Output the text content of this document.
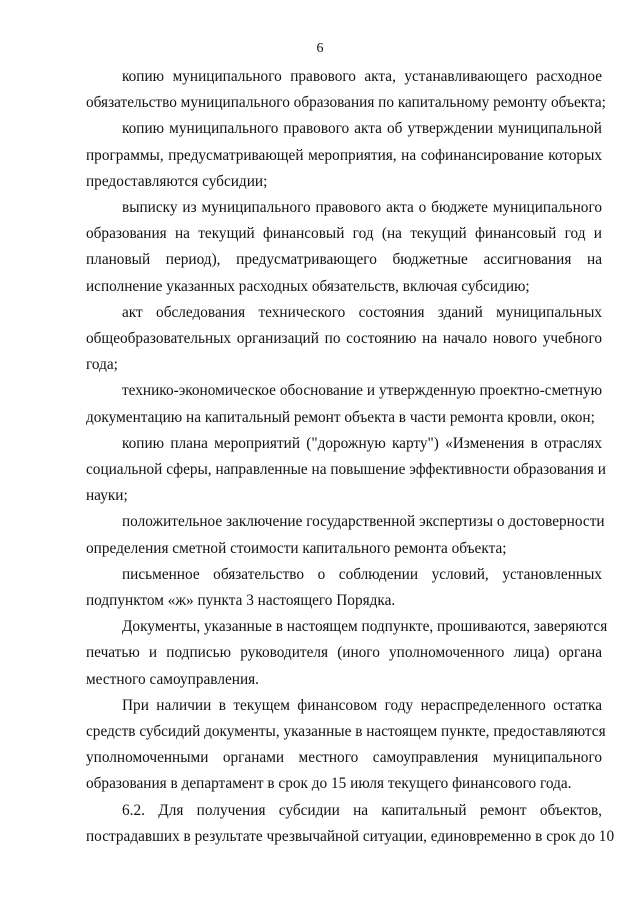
6
копию муниципального правового акта, устанавливающего расходное
обязательство муниципального образования по капитальному ремонту объекта;
копию муниципального правового акта об утверждении муниципальной
программы, предусматривающей мероприятия, на софинансирование которых
предоставляются субсидии;
выписку из муниципального правового акта о бюджете муниципального
образования на текущий финансовый год (на текущий финансовый год и
плановый период), предусматривающего бюджетные ассигнования на
исполнение указанных расходных обязательств, включая субсидию;
акт обследования технического состояния зданий муниципальных
общеобразовательных организаций по состоянию на начало нового учебного
года;
технико-экономическое обоснование и утвержденную проектно-сметную
документацию на капитальный ремонт объекта в части ремонта кровли, окон;
копию плана мероприятий ("дорожную карту") «Изменения в отраслях
социальной сферы, направленные на повышение эффективности образования и
науки;
положительное заключение государственной экспертизы о достоверности
определения сметной стоимости капитального ремонта объекта;
письменное обязательство о соблюдении условий, установленных
подпунктом «ж» пункта 3 настоящего Порядка.
Документы, указанные в настоящем подпункте, прошиваются, заверяются
печатью и подписью руководителя (иного уполномоченного лица) органа
местного самоуправления.
При наличии в текущем финансовом году нераспределенного остатка
средств субсидий документы, указанные в настоящем пункте, предоставляются
уполномоченными органами местного самоуправления муниципального
образования в департамент в срок до 15 июля текущего финансового года.
6.2. Для получения субсидии на капитальный ремонт объектов,
пострадавших в результате чрезвычайной ситуации, единовременно в срок до 10
